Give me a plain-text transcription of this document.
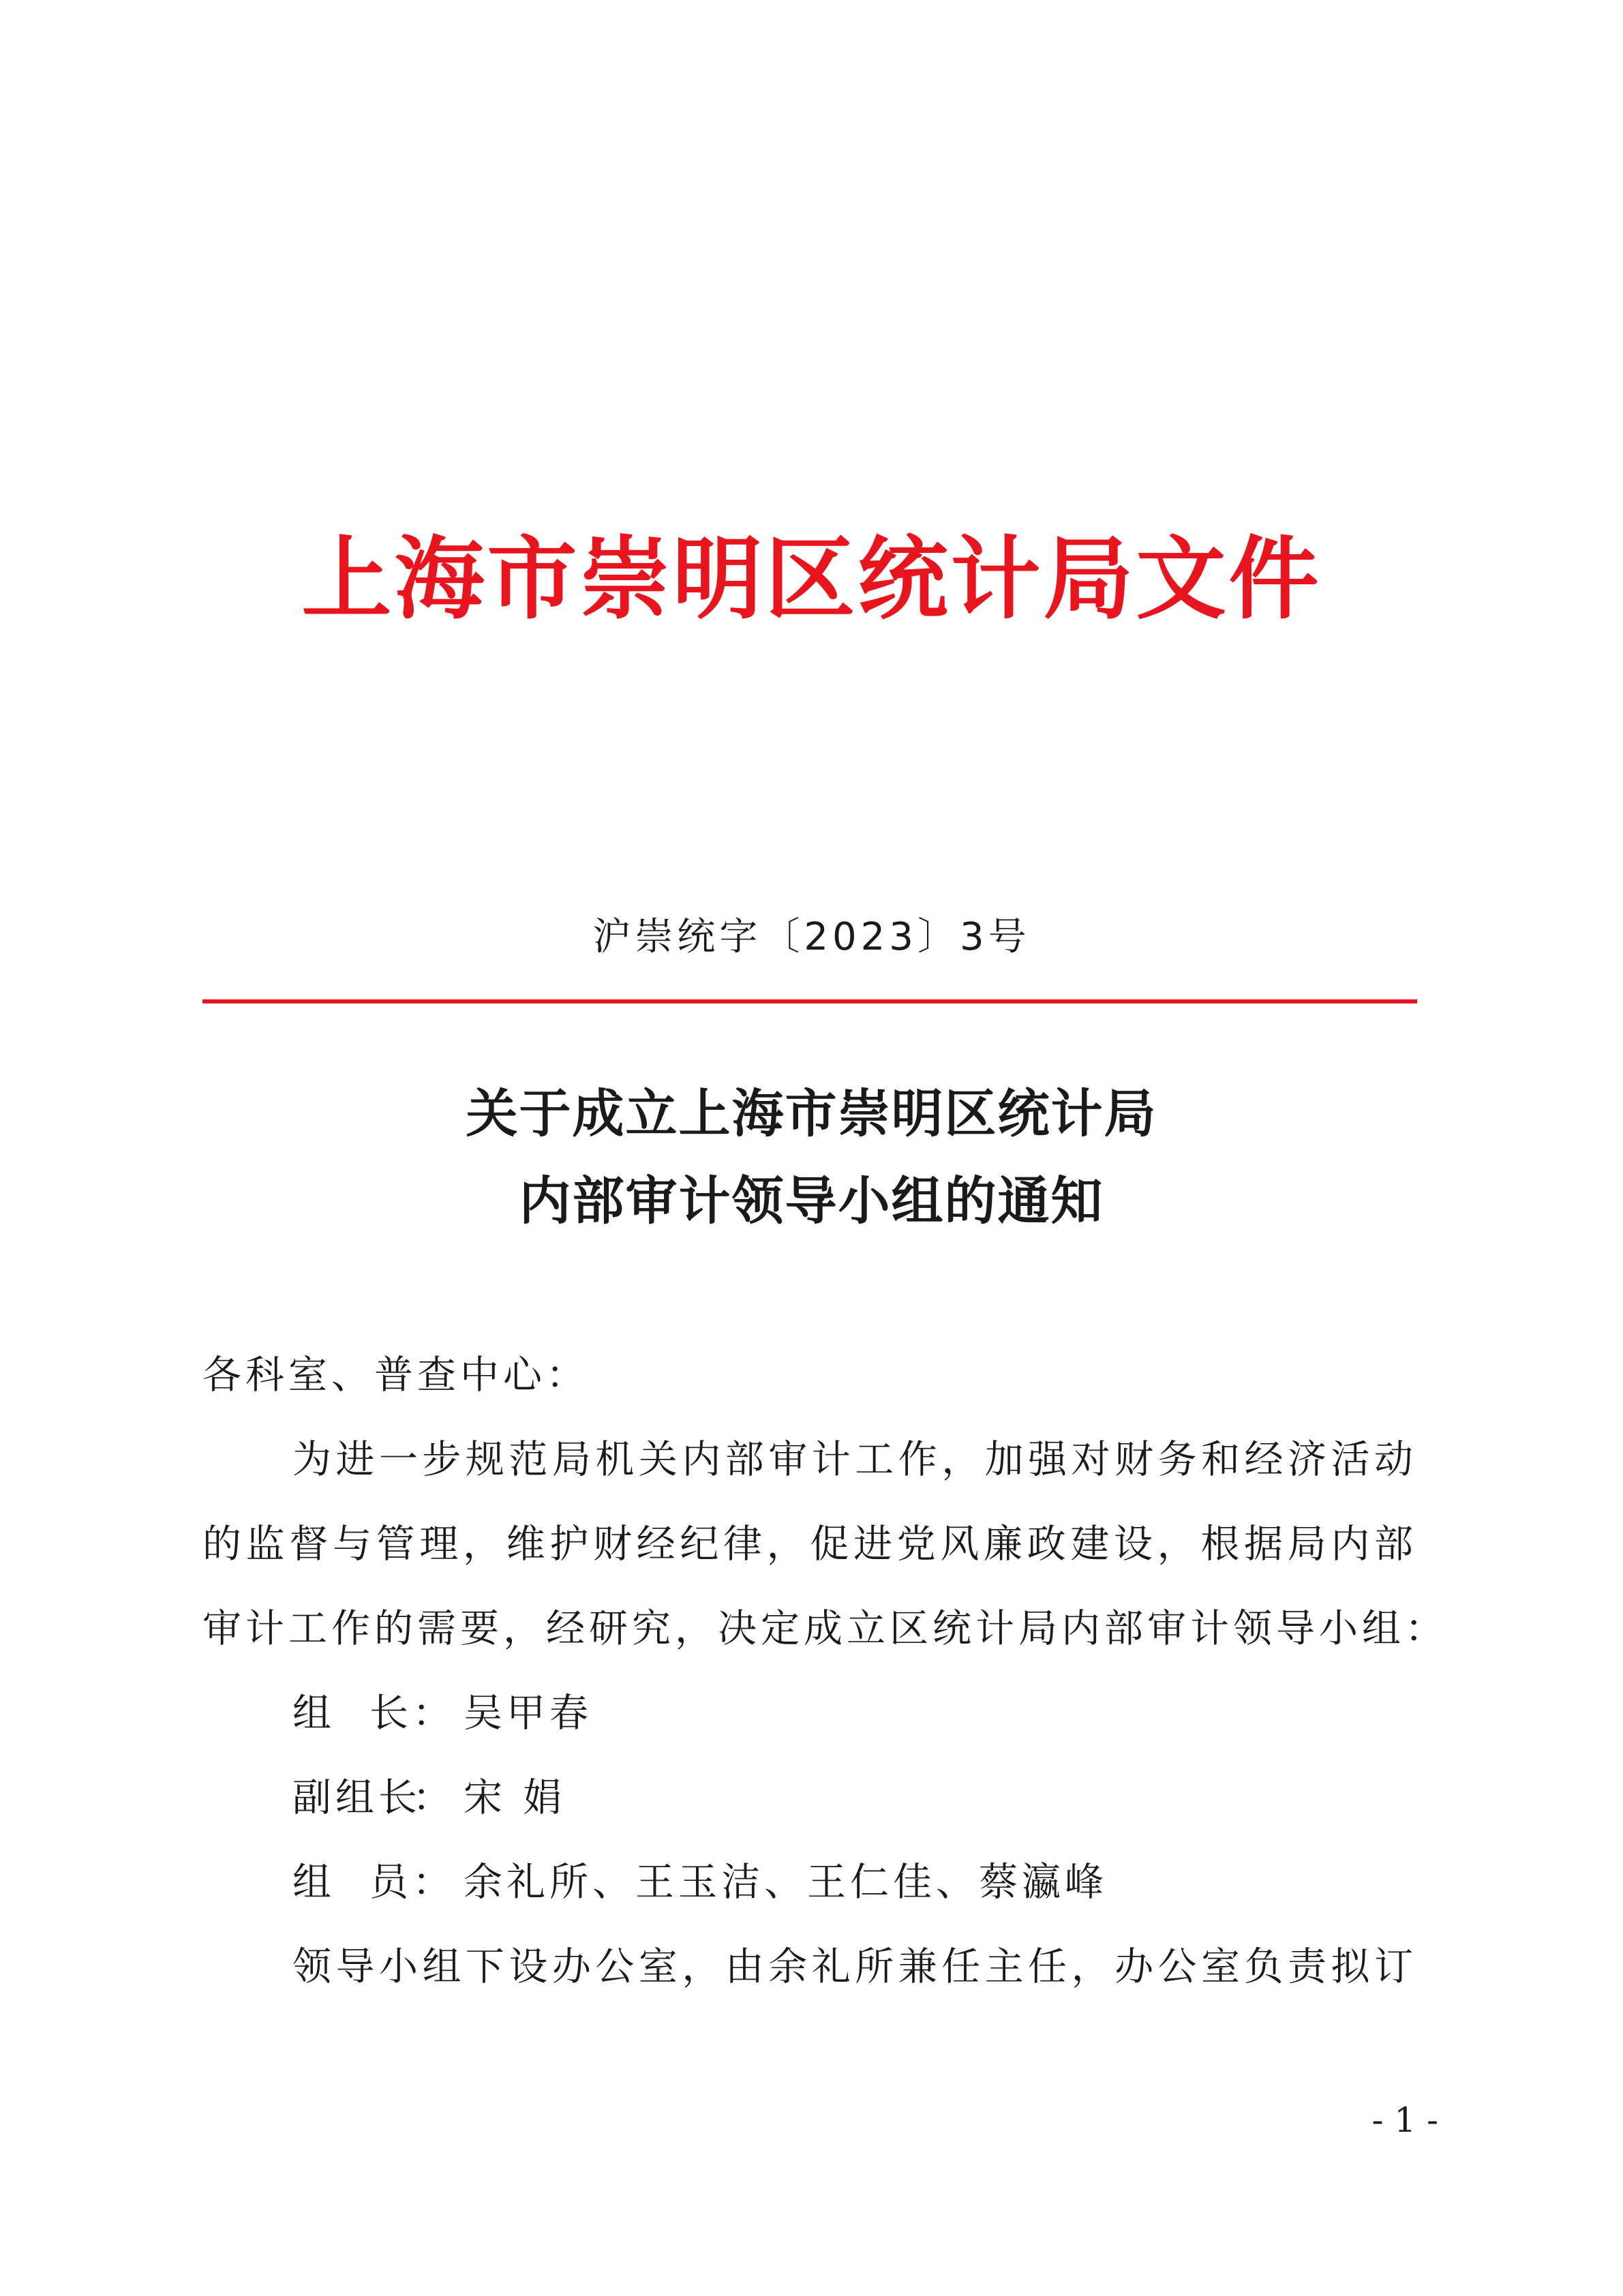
上海市崇明区统计局文件
沪崇统字〔2023〕3号
关于成立上海市崇明区统计局
内部审计领导小组的通知
各科室、普查中心：
为进一步规范局机关内部审计工作，加强对财务和经济活动
的监督与管理，维护财经纪律，促进党风廉政建设，根据局内部
审计工作的需要，经研究，决定成立区统计局内部审计领导小组：
组 长： 吴甲春
副组长： 宋 娟
组 员： 余礼所、王玉洁、王仁佳、蔡瀛峰
领导小组下设办公室，由余礼所兼任主任，办公室负责拟订
- 1 -
